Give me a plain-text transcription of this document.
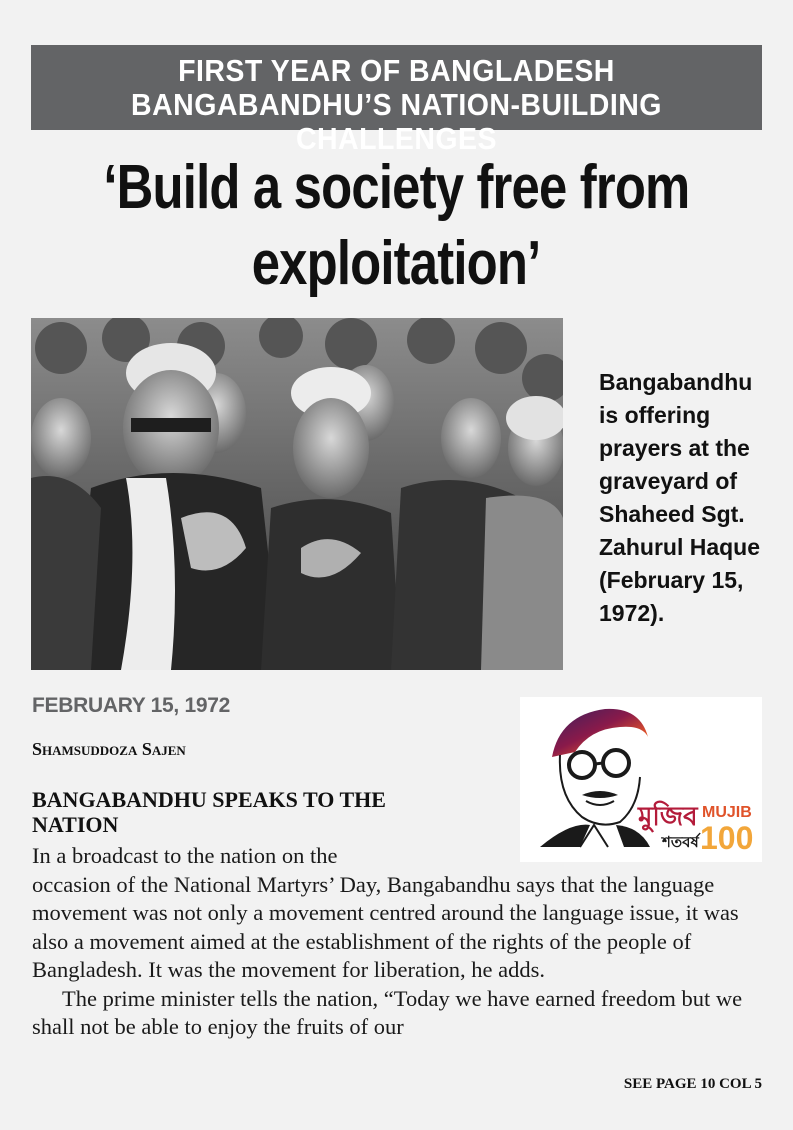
FIRST YEAR OF BANGLADESH
BANGABANDHU’S NATION-BUILDING CHALLENGES
‘Build a society free from
exploitation’
Bangabandhu is offering prayers at the graveyard of Shaheed Sgt. Zahurul Haque (February 15, 1972).
FEBRUARY 15, 1972
Shamsuddoza Sajen
মুজিব
শতবর্ষ
MUJIB
100
BANGABANDHU SPEAKS TO THE NATION

In a broadcast to the nation on the
occasion of the National Martyrs’ Day, Bangabandhu says that the language movement was not only a movement centred around the language issue, it was also a movement aimed at the establishment of the rights of the people of Bangladesh. It was the movement for liberation, he adds.

The prime minister tells the nation, “Today we have earned freedom but we shall not be able to enjoy the fruits of our

SEE PAGE 10 COL 5
